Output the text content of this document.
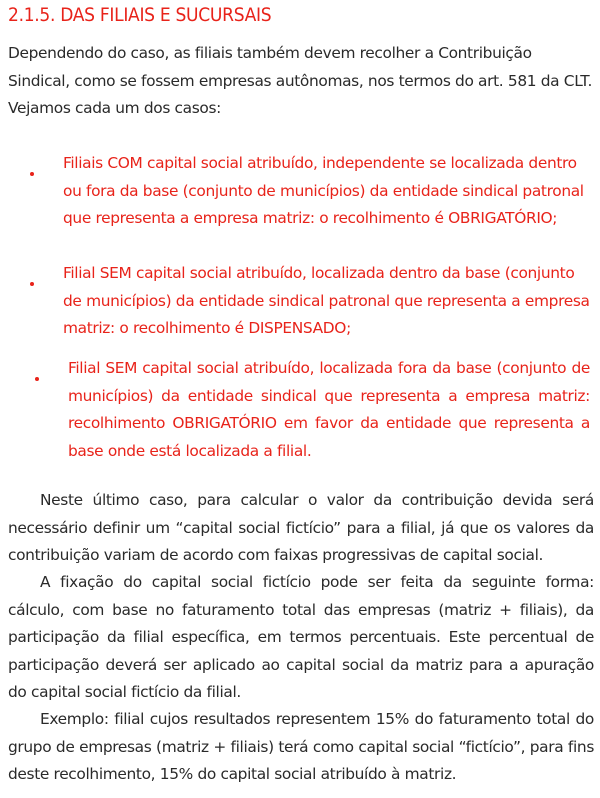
2.1.5. DAS FILIAIS E SUCURSAIS
Dependendo do caso, as filiais também devem recolher a Contribuição Sindical, como se fossem empresas autônomas, nos termos do art. 581 da CLT. Vejamos cada um dos casos:
Filiais COM capital social atribuído, independente se localizada dentro ou fora da base (conjunto de municípios) da entidade sindical patronal que representa a empresa matriz: o recolhimento é OBRIGATÓRIO;
Filial SEM capital social atribuído, localizada dentro da base (conjunto de municípios) da entidade sindical patronal que representa a empresa matriz: o recolhimento é DISPENSADO;
Filial SEM capital social atribuído, localizada fora da base (conjunto de municípios) da entidade sindical que representa a empresa matriz: recolhimento OBRIGATÓRIO em favor da entidade que representa a base onde está localizada a filial.
Neste último caso, para calcular o valor da contribuição devida será necessário definir um “capital social fictício” para a filial, já que os valores da contribuição variam de acordo com faixas progressivas de capital social.
A fixação do capital social fictício pode ser feita da seguinte forma: cálculo, com base no faturamento total das empresas (matriz + filiais), da participação da filial específica, em termos percentuais. Este percentual de participação deverá ser aplicado ao capital social da matriz para a apuração do capital social fictício da filial.
Exemplo: filial cujos resultados representem 15% do faturamento total do grupo de empresas (matriz + filiais) terá como capital social “fictício”, para fins deste recolhimento, 15% do capital social atribuído à matriz.
